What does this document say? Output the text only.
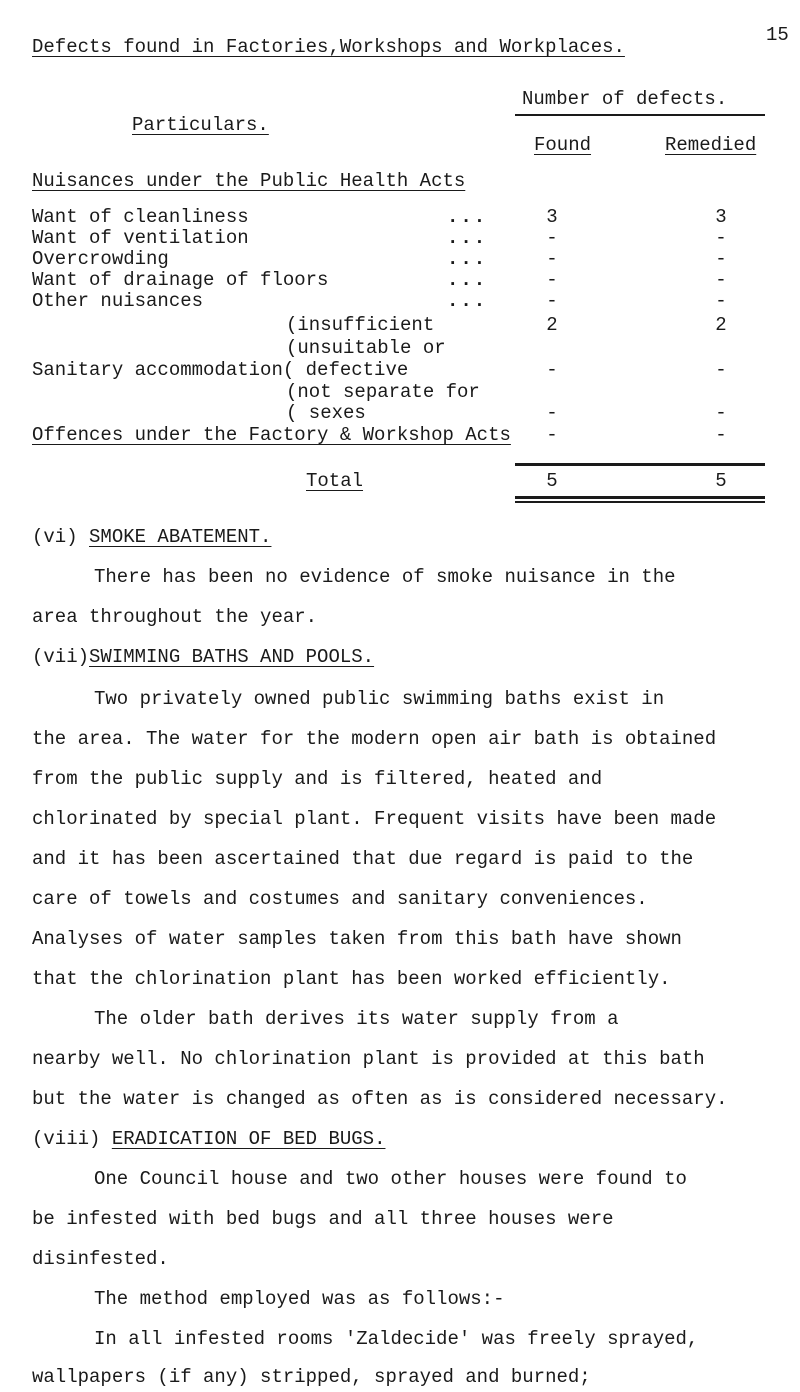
Defects found in Factories,Workshops and Workplaces.
15
Number of defects.
Particulars.
Found	Remedied
Nuisances under the Public Health Acts
Want of cleanliness	...	3	3
Want of ventilation	...	-	-
Overcrowding	...	-	-
Want of drainage of floors	...	-	-
Other nuisances	...	-	-
(insufficient	2	2
(unsuitable or
Sanitary accommodation( defective	-	-
(not separate for
( sexes	-	-
Offences under the Factory & Workshop Acts	-	-
Total	5	5
(vi) SMOKE ABATEMENT.
There has been no evidence of smoke nuisance in the
area throughout the year.
(vii)SWIMMING BATHS AND POOLS.
Two privately owned public swimming baths exist in
the area. The water for the modern open air bath is obtained
from the public supply and is filtered, heated and
chlorinated by special plant. Frequent visits have been made
and it has been ascertained that due regard is paid to the
care of towels and costumes and sanitary conveniences.
Analyses of water samples taken from this bath have shown
that the chlorination plant has been worked efficiently.
The older bath derives its water supply from a
nearby well. No chlorination plant is provided at this bath
but the water is changed as often as is considered necessary.
(viii) ERADICATION OF BED BUGS.
One Council house and two other houses were found to
be infested with bed bugs and all three houses were
disinfested.
The method employed was as follows:-
In all infested rooms 'Zaldecide' was freely sprayed,
wallpapers (if any) stripped, sprayed and burned;
